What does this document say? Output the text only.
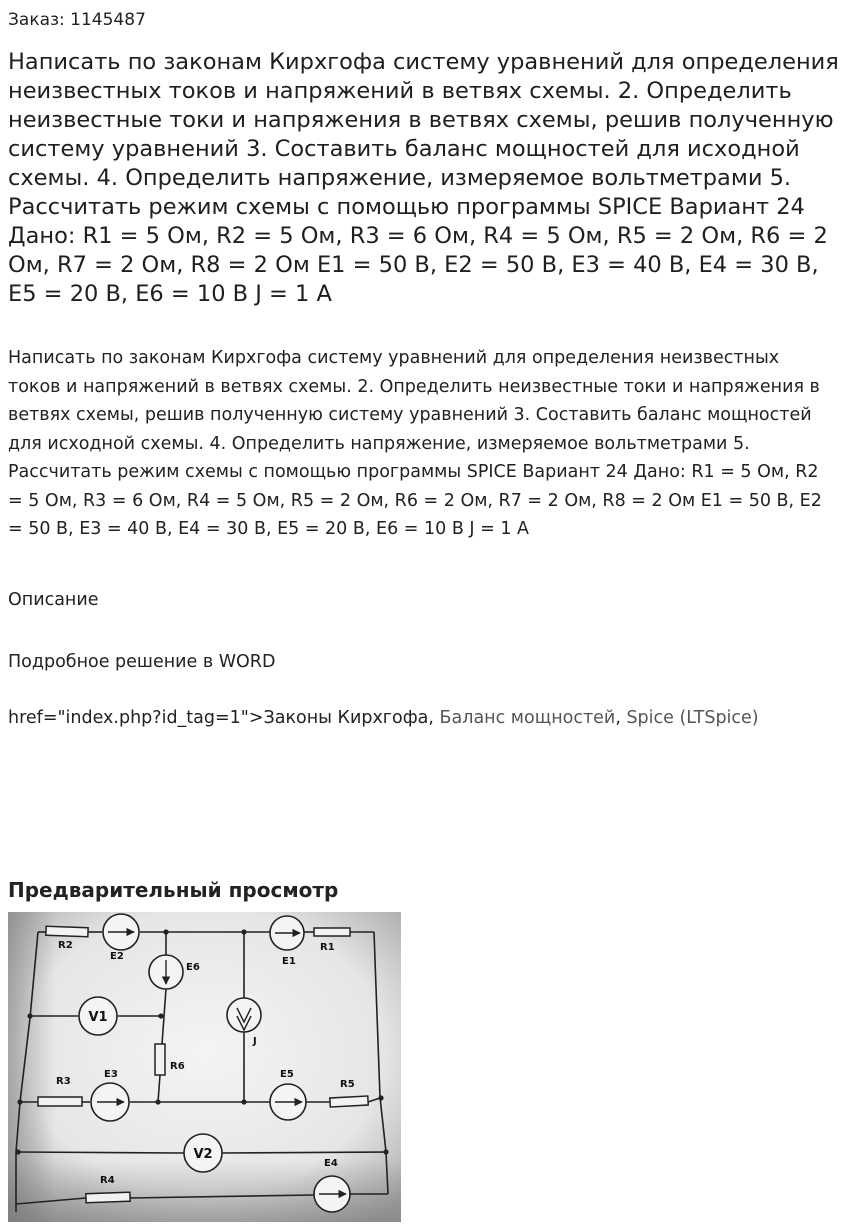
Заказ: 1145487
Написать по законам Кирхгофа систему уравнений для определения неизвестных токов и напряжений в ветвях схемы. 2. Определить неизвестные токи и напряжения в ветвях схемы, решив полученную систему уравнений 3. Составить баланс мощностей для исходной схемы. 4. Определить напряжение, измеряемое вольтметрами 5. Рассчитать режим схемы с помощью программы SPICE Вариант 24 Дано: R1 = 5 Ом, R2 = 5 Ом, R3 = 6 Ом, R4 = 5 Ом, R5 = 2 Ом, R6 = 2 Ом, R7 = 2 Ом, R8 = 2 Ом E1 = 50 В, E2 = 50 В, E3 = 40 В, E4 = 30 В, E5 = 20 В, E6 = 10 В J = 1 А

Написать по законам Кирхгофа систему уравнений для определения неизвестных токов и напряжений в ветвях схемы. 2. Определить неизвестные токи и напряжения в ветвях схемы, решив полученную систему уравнений 3. Составить баланс мощностей для исходной схемы. 4. Определить напряжение, измеряемое вольтметрами 5. Рассчитать режим схемы с помощью программы SPICE Вариант 24 Дано: R1 = 5 Ом, R2 = 5 Ом, R3 = 6 Ом, R4 = 5 Ом, R5 = 2 Ом, R6 = 2 Ом, R7 = 2 Ом, R8 = 2 Ом E1 = 50 В, E2 = 50 В, E3 = 40 В, E4 = 30 В, E5 = 20 В, E6 = 10 В J = 1 А

Описание
Подробное решение в WORD
href="index.php?id_tag=1">Законы Кирхгофа, Баланс мощностей, Spice (LTSpice)
Предварительный просмотр
R2
E2
R1
E1
E6
R6
J
R3
E3	E5
R5
R4
E4
V1
V2
